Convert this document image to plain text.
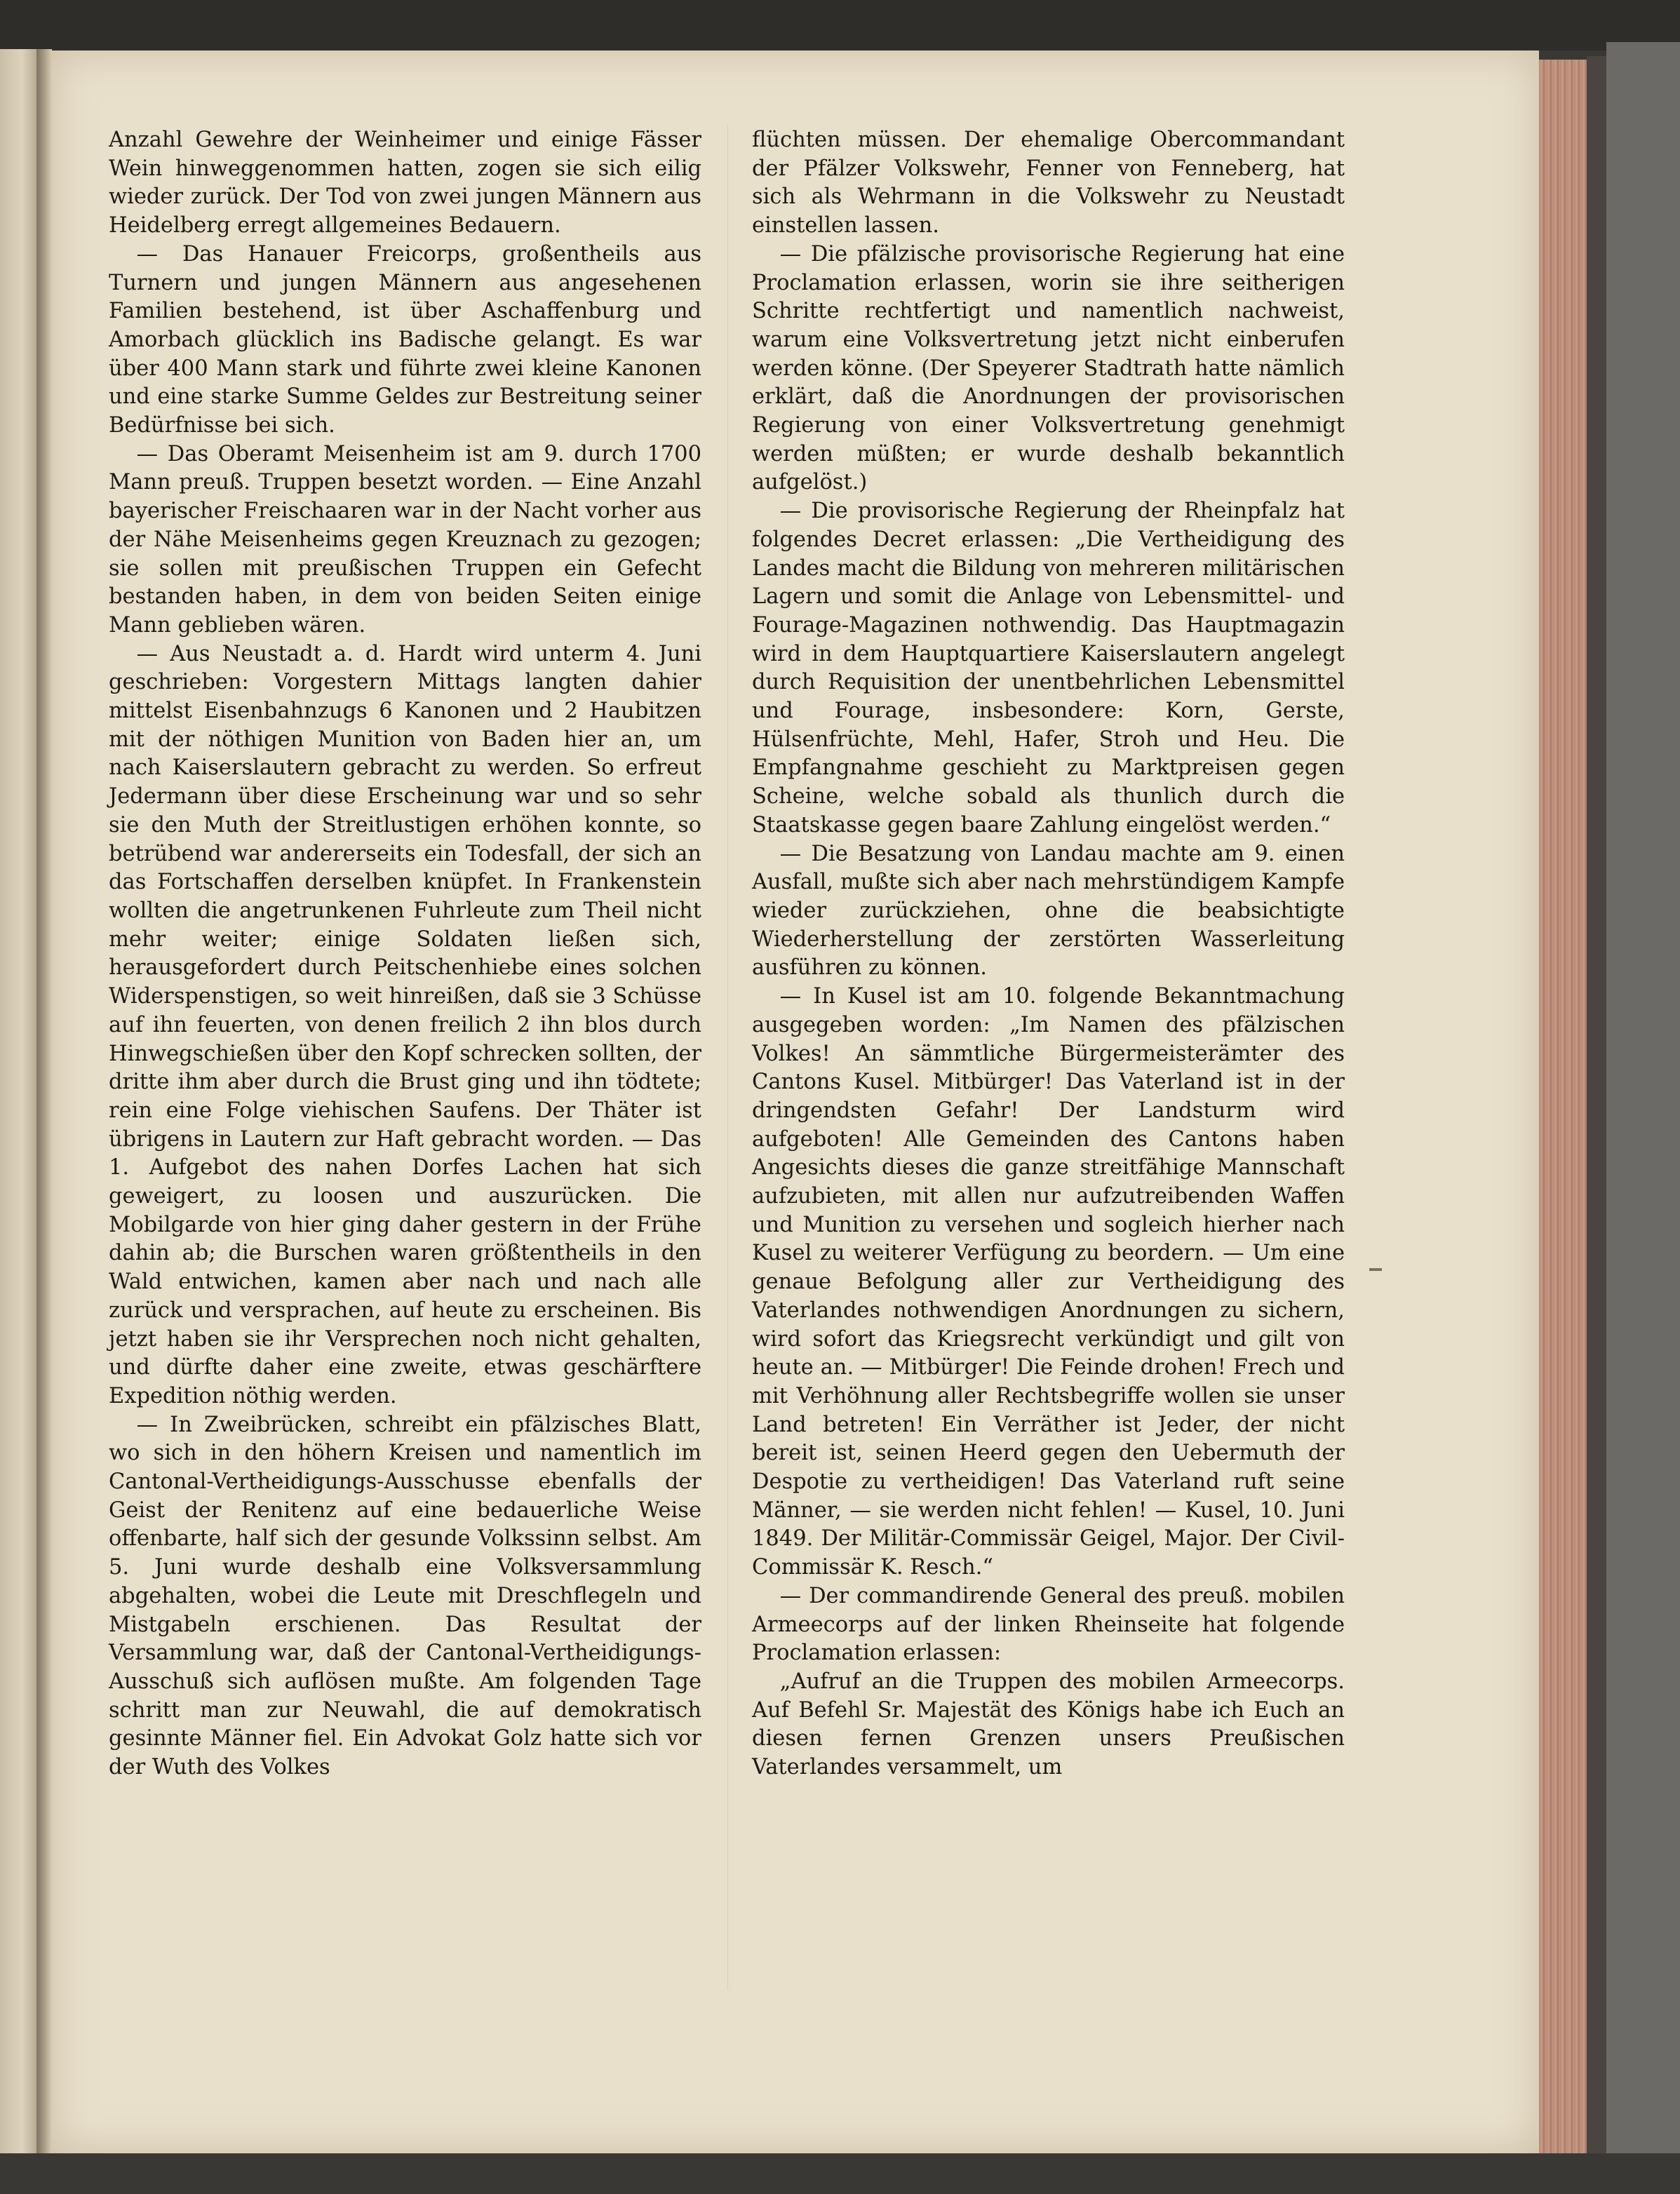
Anzahl Gewehre der Weinheimer und einige Fässer Wein hinweggenommen hatten, zogen sie sich eilig wieder zurück. Der Tod von zwei jungen Männern aus Heidelberg erregt allgemeines Bedauern.

— Das Hanauer Freicorps, großentheils aus Turnern und jungen Männern aus angesehenen Familien bestehend, ist über Aschaffenburg und Amorbach glücklich ins Badische gelangt. Es war über 400 Mann stark und führte zwei kleine Kanonen und eine starke Summe Geldes zur Bestreitung seiner Bedürfnisse bei sich.

— Das Oberamt Meisenheim ist am 9. durch 1700 Mann preuß. Truppen besetzt worden. — Eine Anzahl bayerischer Freischaaren war in der Nacht vorher aus der Nähe Meisenheims gegen Kreuznach zu gezogen; sie sollen mit preußischen Truppen ein Gefecht bestanden haben, in dem von beiden Seiten einige Mann geblieben wären.

— Aus Neustadt a. d. Hardt wird unterm 4. Juni geschrieben: Vorgestern Mittags langten dahier mittelst Eisenbahnzugs 6 Kanonen und 2 Haubitzen mit der nöthigen Munition von Baden hier an, um nach Kaiserslautern gebracht zu werden. So erfreut Jedermann über diese Erscheinung war und so sehr sie den Muth der Streitlustigen erhöhen konnte, so betrübend war andererseits ein Todesfall, der sich an das Fortschaffen derselben knüpfet. In Frankenstein wollten die angetrunkenen Fuhrleute zum Theil nicht mehr weiter; einige Soldaten ließen sich, herausgefordert durch Peitschenhiebe eines solchen Widerspenstigen, so weit hinreißen, daß sie 3 Schüsse auf ihn feuerten, von denen freilich 2 ihn blos durch Hinwegschießen über den Kopf schrecken sollten, der dritte ihm aber durch die Brust ging und ihn tödtete; rein eine Folge viehischen Saufens. Der Thäter ist übrigens in Lautern zur Haft gebracht worden. — Das 1. Aufgebot des nahen Dorfes Lachen hat sich geweigert, zu loosen und auszurücken. Die Mobilgarde von hier ging daher gestern in der Frühe dahin ab; die Burschen waren größtentheils in den Wald entwichen, kamen aber nach und nach alle zurück und versprachen, auf heute zu erscheinen. Bis jetzt haben sie ihr Versprechen noch nicht gehalten, und dürfte daher eine zweite, etwas geschärftere Expedition nöthig werden.

— In Zweibrücken, schreibt ein pfälzisches Blatt, wo sich in den höhern Kreisen und namentlich im Cantonal-Vertheidigungs-Ausschusse ebenfalls der Geist der Renitenz auf eine bedauerliche Weise offenbarte, half sich der gesunde Volkssinn selbst. Am 5. Juni wurde deshalb eine Volksversammlung abgehalten, wobei die Leute mit Dreschflegeln und Mistgabeln erschienen. Das Resultat der Versammlung war, daß der Cantonal-Vertheidigungs-Ausschuß sich auflösen mußte. Am folgenden Tage schritt man zur Neuwahl, die auf demokratisch gesinnte Männer fiel. Ein Advokat Golz hatte sich vor der Wuth des Volkes

flüchten müssen. Der ehemalige Obercommandant der Pfälzer Volkswehr, Fenner von Fenneberg, hat sich als Wehrmann in die Volkswehr zu Neustadt einstellen lassen.

— Die pfälzische provisorische Regierung hat eine Proclamation erlassen, worin sie ihre seitherigen Schritte rechtfertigt und namentlich nachweist, warum eine Volksvertretung jetzt nicht einberufen werden könne. (Der Speyerer Stadtrath hatte nämlich erklärt, daß die Anordnungen der provisorischen Regierung von einer Volksvertretung genehmigt werden müßten; er wurde deshalb bekanntlich aufgelöst.)

— Die provisorische Regierung der Rheinpfalz hat folgendes Decret erlassen: „Die Vertheidigung des Landes macht die Bildung von mehreren militärischen Lagern und somit die Anlage von Lebensmittel- und Fourage-Magazinen nothwendig. Das Hauptmagazin wird in dem Hauptquartiere Kaiserslautern angelegt durch Requisition der unentbehrlichen Lebensmittel und Fourage, insbesondere: Korn, Gerste, Hülsenfrüchte, Mehl, Hafer, Stroh und Heu. Die Empfangnahme geschieht zu Marktpreisen gegen Scheine, welche sobald als thunlich durch die Staatskasse gegen baare Zahlung eingelöst werden.“

— Die Besatzung von Landau machte am 9. einen Ausfall, mußte sich aber nach mehrstündigem Kampfe wieder zurückziehen, ohne die beabsichtigte Wiederherstellung der zerstörten Wasserleitung ausführen zu können.

— In Kusel ist am 10. folgende Bekanntmachung ausgegeben worden: „Im Namen des pfälzischen Volkes! An sämmtliche Bürgermeisterämter des Cantons Kusel. Mitbürger! Das Vaterland ist in der dringendsten Gefahr! Der Landsturm wird aufgeboten! Alle Gemeinden des Cantons haben Angesichts dieses die ganze streitfähige Mannschaft aufzubieten, mit allen nur aufzutreibenden Waffen und Munition zu versehen und sogleich hierher nach Kusel zu weiterer Verfügung zu beordern. — Um eine genaue Befolgung aller zur Vertheidigung des Vaterlandes nothwendigen Anordnungen zu sichern, wird sofort das Kriegsrecht verkündigt und gilt von heute an. — Mitbürger! Die Feinde drohen! Frech und mit Verhöhnung aller Rechtsbegriffe wollen sie unser Land betreten! Ein Verräther ist Jeder, der nicht bereit ist, seinen Heerd gegen den Uebermuth der Despotie zu vertheidigen! Das Vaterland ruft seine Männer, — sie werden nicht fehlen! — Kusel, 10. Juni 1849. Der Militär-Commissär Geigel, Major. Der Civil-Commissär K. Resch.“

— Der commandirende General des preuß. mobilen Armeecorps auf der linken Rheinseite hat folgende Proclamation erlassen:

„Aufruf an die Truppen des mobilen Armeecorps. Auf Befehl Sr. Majestät des Königs habe ich Euch an diesen fernen Grenzen unsers Preußischen Vaterlandes versammelt, um
